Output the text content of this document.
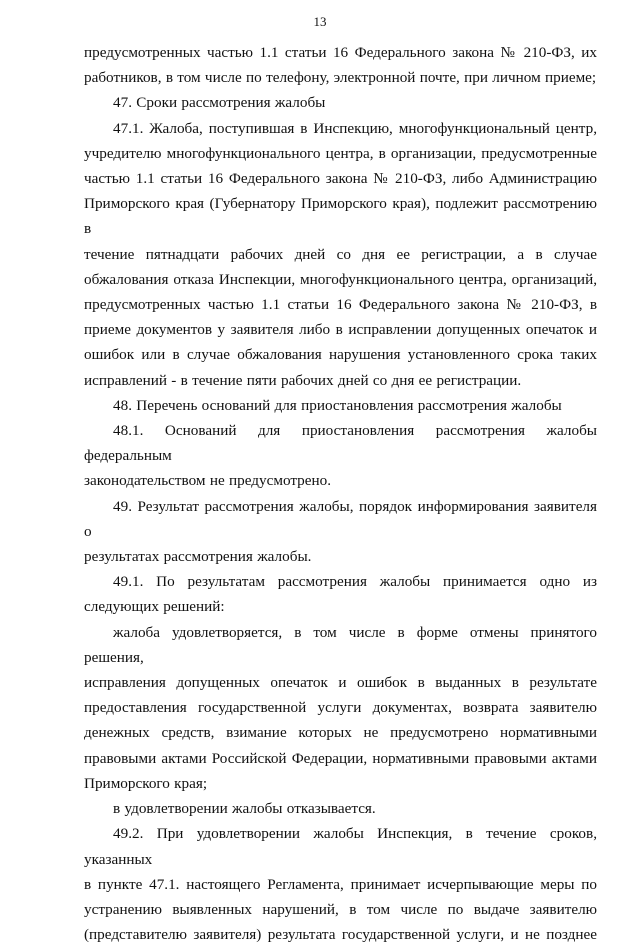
13
предусмотренных частью 1.1 статьи 16 Федерального закона № 210-ФЗ, их
работников, в том числе по телефону, электронной почте, при личном приеме;
47. Сроки рассмотрения жалобы
47.1. Жалоба, поступившая в Инспекцию, многофункциональный центр,
учредителю многофункционального центра, в организации, предусмотренные
частью 1.1 статьи 16 Федерального закона № 210-ФЗ, либо Администрацию
Приморского края (Губернатору Приморского края), подлежит рассмотрению в
течение пятнадцати рабочих дней со дня ее регистрации, а в случае
обжалования отказа Инспекции, многофункционального центра, организаций,
предусмотренных частью 1.1 статьи 16 Федерального закона № 210-ФЗ, в
приеме документов у заявителя либо в исправлении допущенных опечаток и
ошибок или в случае обжалования нарушения установленного срока таких
исправлений - в течение пяти рабочих дней со дня ее регистрации.
48. Перечень оснований для приостановления рассмотрения жалобы
48.1. Оснований для приостановления рассмотрения жалобы федеральным
законодательством не предусмотрено.
49. Результат рассмотрения жалобы, порядок информирования заявителя о
результатах рассмотрения жалобы.
49.1. По результатам рассмотрения жалобы принимается одно из
следующих решений:
жалоба удовлетворяется, в том числе в форме отмены принятого решения,
исправления допущенных опечаток и ошибок в выданных в результате
предоставления государственной услуги документах, возврата заявителю
денежных средств, взимание которых не предусмотрено нормативными
правовыми актами Российской Федерации, нормативными правовыми актами
Приморского края;
в удовлетворении жалобы отказывается.
49.2. При удовлетворении жалобы Инспекция, в течение сроков, указанных
в пункте 47.1. настоящего Регламента, принимает исчерпывающие меры по
устранению выявленных нарушений, в том числе по выдаче заявителю
(представителю заявителя) результата государственной услуги, и не позднее
